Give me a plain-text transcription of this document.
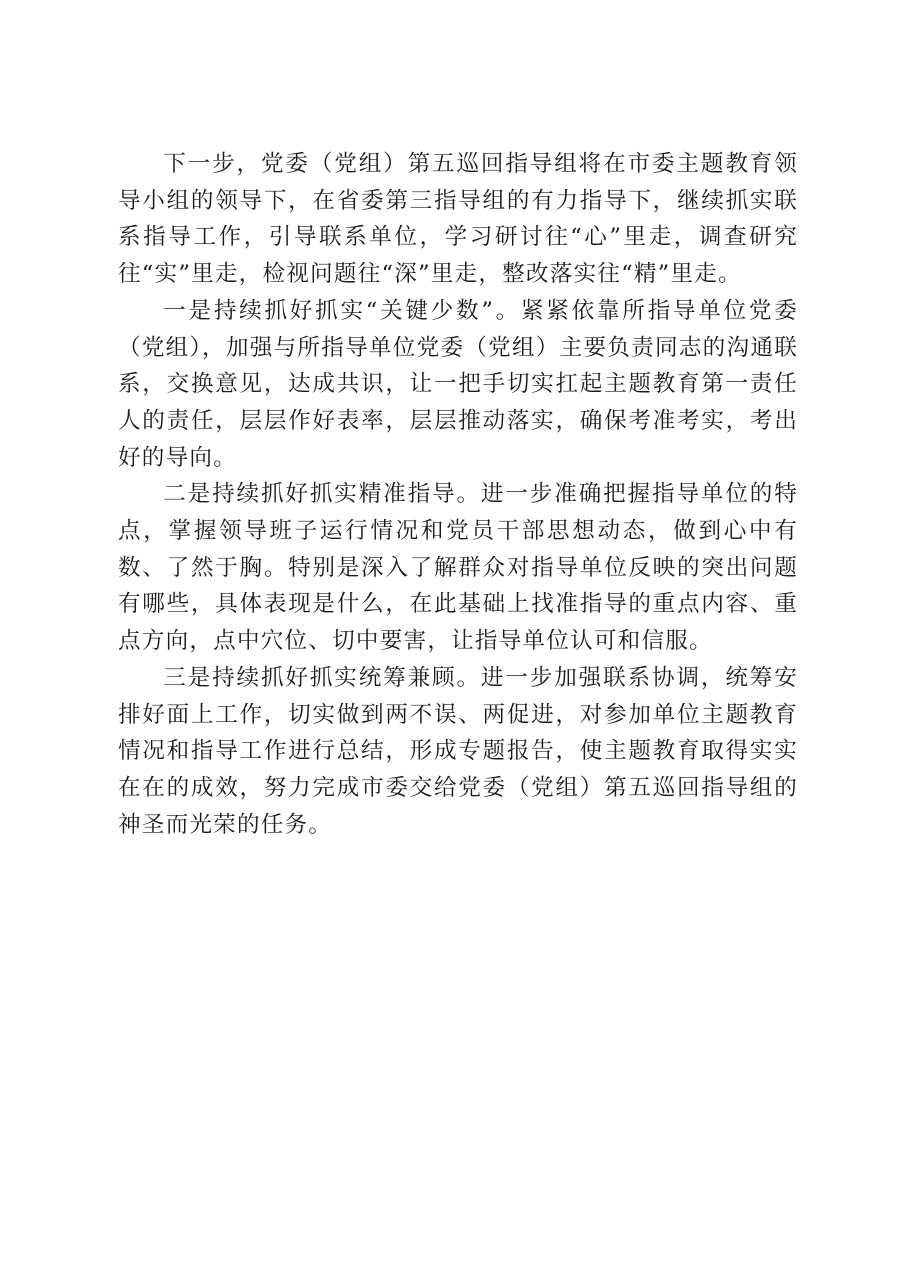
下一步，党委（党组）第五巡回指导组将在市委主题教育领导小组的领导下，在省委第三指导组的有力指导下，继续抓实联系指导工作，引导联系单位，学习研讨往“心”里走，调查研究往“实”里走，检视问题往“深”里走，整改落实往“精”里走。

一是持续抓好抓实“关键少数”。紧紧依靠所指导单位党委（党组），加强与所指导单位党委（党组）主要负责同志的沟通联系，交换意见，达成共识，让一把手切实扛起主题教育第一责任人的责任，层层作好表率，层层推动落实，确保考准考实，考出好的导向。

二是持续抓好抓实精准指导。进一步准确把握指导单位的特点，掌握领导班子运行情况和党员干部思想动态，做到心中有数、了然于胸。特别是深入了解群众对指导单位反映的突出问题有哪些，具体表现是什么，在此基础上找准指导的重点内容、重点方向，点中穴位、切中要害，让指导单位认可和信服。

三是持续抓好抓实统筹兼顾。进一步加强联系协调，统筹安排好面上工作，切实做到两不误、两促进，对参加单位主题教育情况和指导工作进行总结，形成专题报告，使主题教育取得实实在在的成效，努力完成市委交给党委（党组）第五巡回指导组的神圣而光荣的任务。
